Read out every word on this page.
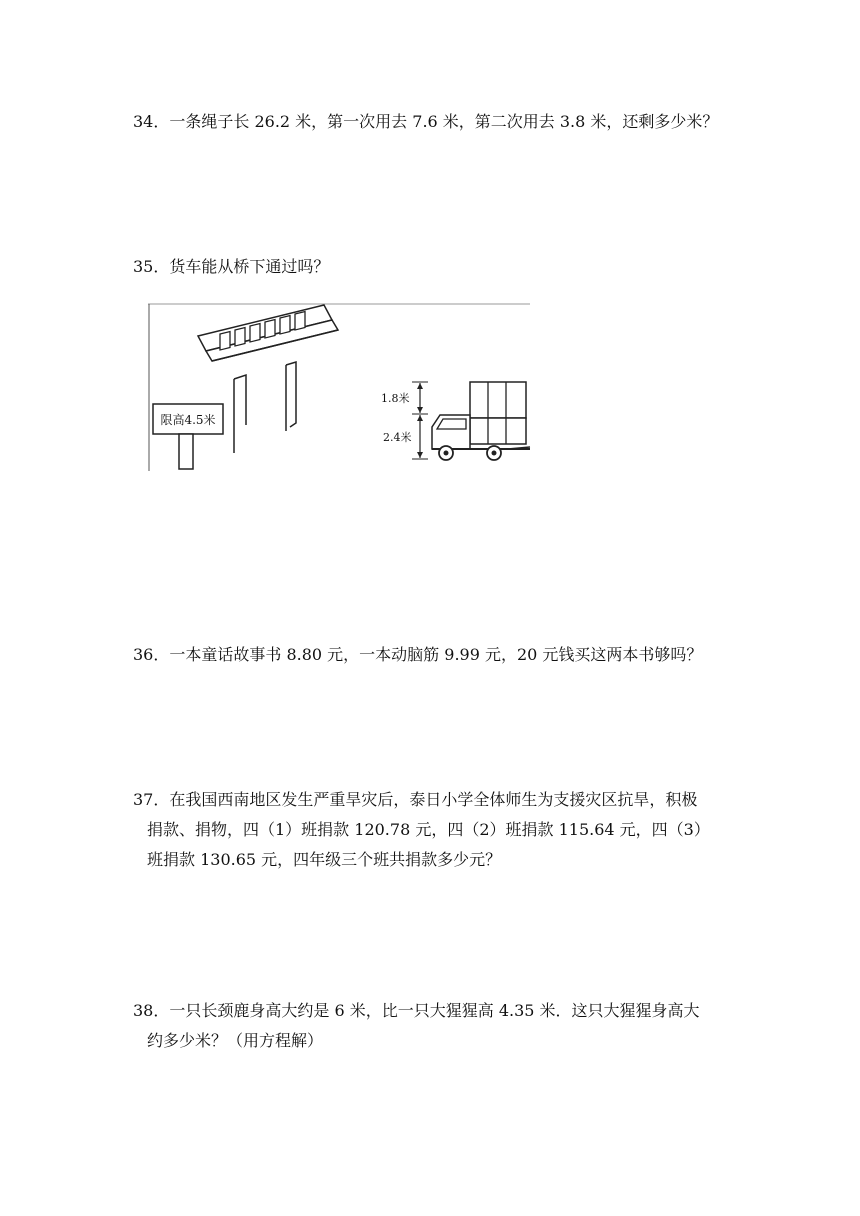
34．一条绳子长 26.2 米，第一次用去 7.6 米，第二次用去 3.8 米，还剩多少米？
35．货车能从桥下通过吗？
限高4.5米
1.8米
2.4米
36．一本童话故事书 8.80 元，一本动脑筋 9.99 元，20 元钱买这两本书够吗？
37．在我国西南地区发生严重旱灾后，泰日小学全体师生为支援灾区抗旱，积极
捐款、捐物，四（1）班捐款 120.78 元，四（2）班捐款 115.64 元，四（3）
班捐款 130.65 元，四年级三个班共捐款多少元？
38．一只长颈鹿身高大约是 6 米，比一只大猩猩高 4.35 米．这只大猩猩身高大
约多少米？（用方程解）
